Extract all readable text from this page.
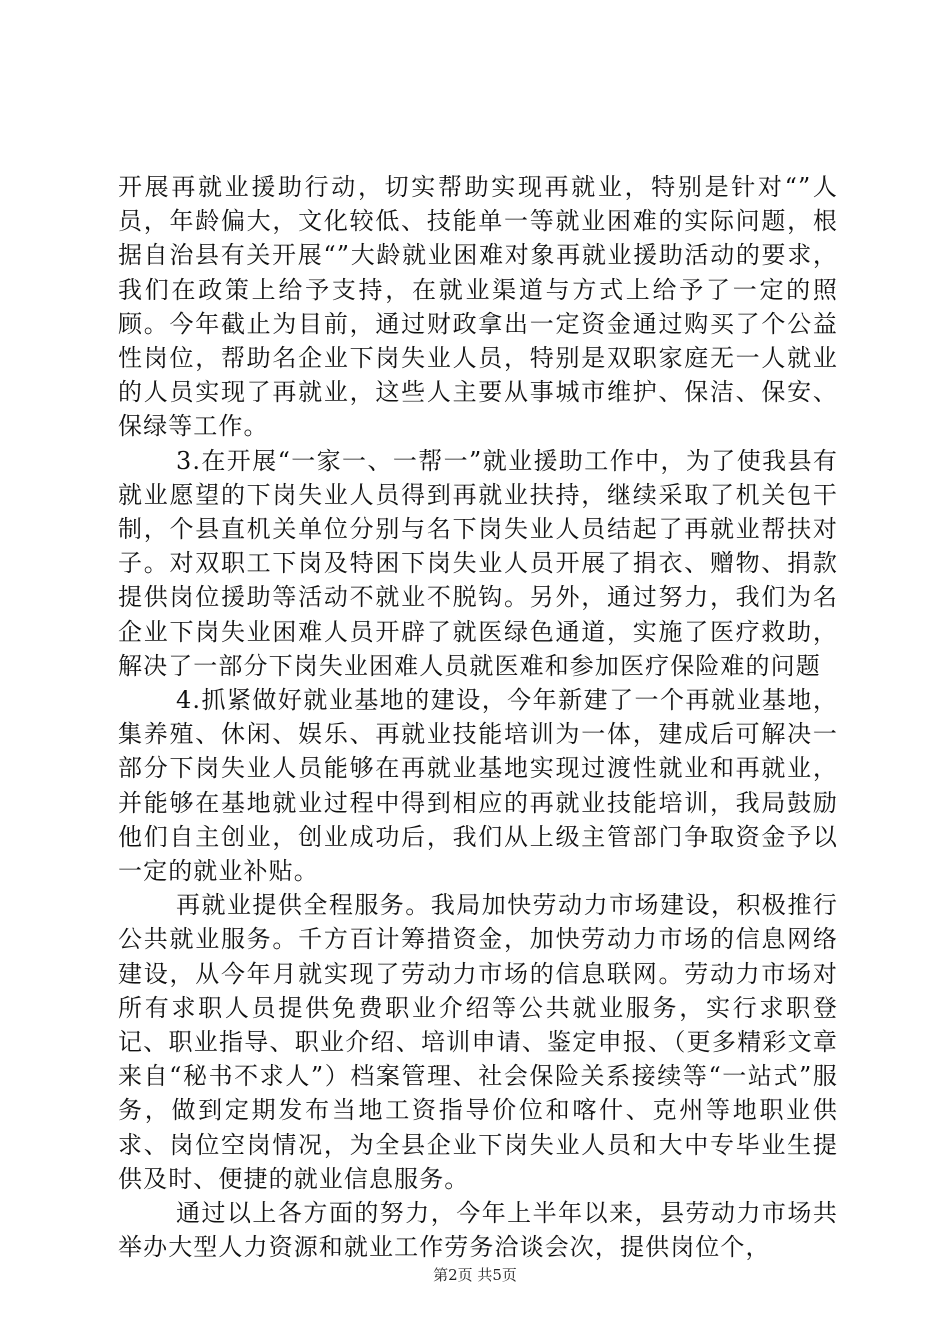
开展再就业援助行动，切实帮助实现再就业，特别是针对“”人员，年龄偏大，文化较低、技能单一等就业困难的实际问题，根据自治县有关开展“”大龄就业困难对象再就业援助活动的要求，我们在政策上给予支持，在就业渠道与方式上给予了一定的照顾。今年截止为目前，通过财政拿出一定资金通过购买了个公益性岗位，帮助名企业下岗失业人员，特别是双职家庭无一人就业的人员实现了再就业，这些人主要从事城市维护、保洁、保安、保绿等工作。

3.在开展“一家一、一帮一”就业援助工作中，为了使我县有就业愿望的下岗失业人员得到再就业扶持，继续采取了机关包干制，个县直机关单位分别与名下岗失业人员结起了再就业帮扶对子。对双职工下岗及特困下岗失业人员开展了捐衣、赠物、捐款提供岗位援助等活动不就业不脱钩。另外，通过努力，我们为名企业下岗失业困难人员开辟了就医绿色通道，实施了医疗救助，解决了一部分下岗失业困难人员就医难和参加医疗保险难的问题

4.抓紧做好就业基地的建设，今年新建了一个再就业基地，集养殖、休闲、娱乐、再就业技能培训为一体，建成后可解决一部分下岗失业人员能够在再就业基地实现过渡性就业和再就业，并能够在基地就业过程中得到相应的再就业技能培训，我局鼓励他们自主创业，创业成功后，我们从上级主管部门争取资金予以一定的就业补贴。

再就业提供全程服务。我局加快劳动力市场建设，积极推行公共就业服务。千方百计筹措资金，加快劳动力市场的信息网络建设，从今年月就实现了劳动力市场的信息联网。劳动力市场对所有求职人员提供免费职业介绍等公共就业服务，实行求职登记、职业指导、职业介绍、培训申请、鉴定申报、（更多精彩文章来自“秘书不求人”）档案管理、社会保险关系接续等“一站式”服务，做到定期发布当地工资指导价位和喀什、克州等地职业供求、岗位空岗情况，为全县企业下岗失业人员和大中专毕业生提供及时、便捷的就业信息服务。

通过以上各方面的努力，今年上半年以来，县劳动力市场共举办大型人力资源和就业工作劳务洽谈会次，提供岗位个，

第2页 共5页
